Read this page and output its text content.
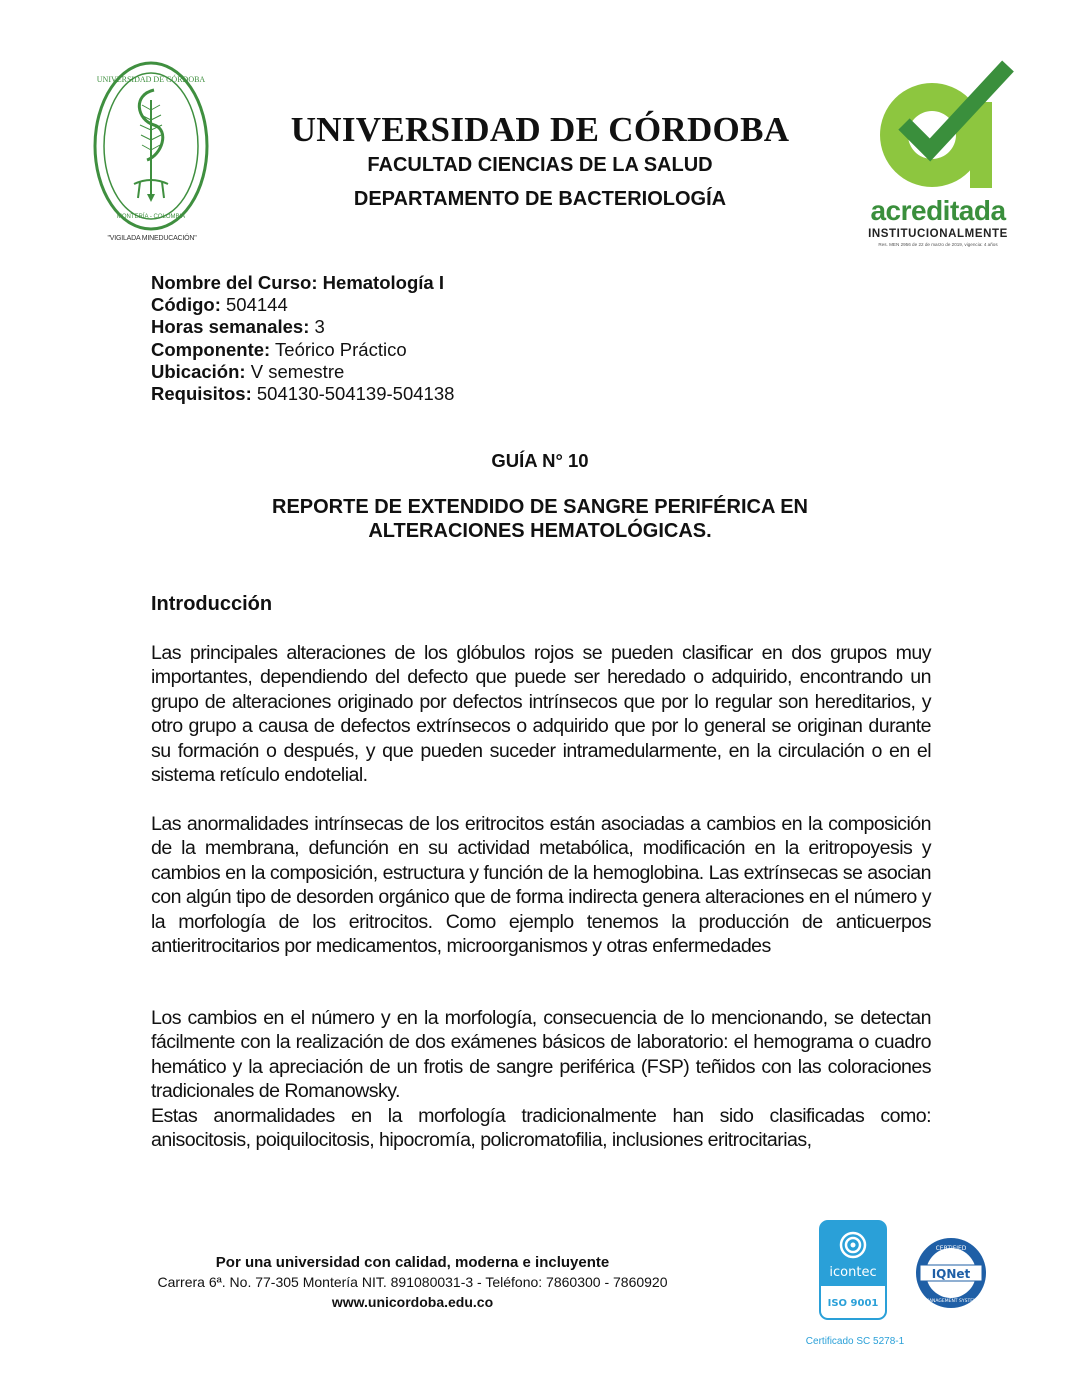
UNIVERSIDAD DE CÓRDOBA
MONTERÍA - COLOMBIA
"VIGILADA MINEDUCACIÓN"
UNIVERSIDAD DE CÓRDOBA
FACULTAD CIENCIAS DE LA SALUD
DEPARTAMENTO DE BACTERIOLOGÍA	acreditada
INSTITUCIONALMENTE
Res. MEN 2956 de 22 de marzo de 2019, vigencia: 4 años
Nombre del Curso: Hematología I
Código: 504144
Horas semanales: 3
Componente: Teórico Práctico
Ubicación: V semestre
Requisitos: 504130-504139-504138
GUÍA N° 10
REPORTE DE EXTENDIDO DE SANGRE PERIFÉRICA EN
ALTERACIONES HEMATOLÓGICAS.
Introducción
Las principales alteraciones de los glóbulos rojos se pueden clasificar en dos grupos muy importantes, dependiendo del defecto que puede ser heredado o adquirido, encontrando un grupo de alteraciones originado por defectos intrínsecos que por lo regular son hereditarios, y otro grupo a causa de defectos extrínsecos o adquirido que por lo general se originan durante su formación o después, y que pueden suceder intramedularmente, en la circulación o en el sistema retículo endotelial.
Las anormalidades intrínsecas de los eritrocitos están asociadas a cambios en la composición de la membrana, defunción en su actividad metabólica, modificación en la eritropoyesis y cambios en la composición, estructura y función de la hemoglobina. Las extrínsecas se asocian con algún tipo de desorden orgánico que de forma indirecta genera alteraciones en el número y la morfología de los eritrocitos. Como ejemplo tenemos la producción de anticuerpos antieritrocitarios por medicamentos, microorganismos y otras enfermedades
Los cambios en el número y en la morfología, consecuencia de lo mencionando, se detectan fácilmente con la realización de dos exámenes básicos de laboratorio: el hemograma o cuadro hemático y la apreciación de un frotis de sangre periférica (FSP) teñidos con las coloraciones tradicionales de Romanowsky.
Estas anormalidades en la morfología tradicionalmente han sido clasificadas como: anisocitosis, poiquilocitosis, hipocromía, policromatofilia, inclusiones eritrocitarias,
Por una universidad con calidad, moderna e incluyente
Carrera 6ª. No. 77-305 Montería NIT. 891080031-3 - Teléfono: 7860300 - 7860920
www.unicordoba.edu.co
icontec
ISO 9001
IQNet
CERTIFIED
MANAGEMENT SYSTEM
Certificado SC 5278-1
